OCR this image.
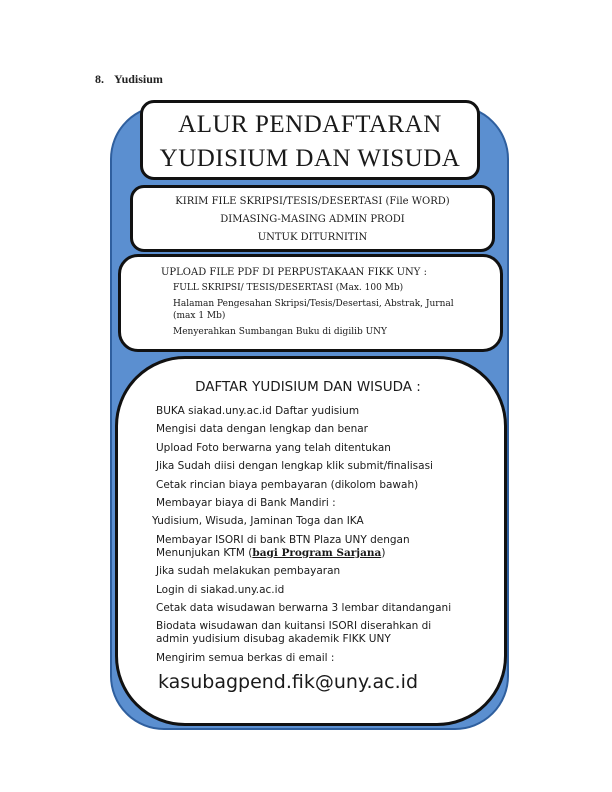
8. Yudisium
ALUR PENDAFTARAN
YUDISIUM DAN WISUDA
KIRIM FILE SKRIPSI/TESIS/DESERTASI (File WORD)
DIMASING-MASING ADMIN PRODI
UNTUK DITURNITIN
UPLOAD FILE PDF DI PERPUSTAKAAN FIKK UNY :
FULL SKRIPSI/ TESIS/DESERTASI (Max. 100 Mb)
Halaman Pengesahan Skripsi/Tesis/Desertasi, Abstrak, Jurnal (max 1 Mb)
Menyerahkan Sumbangan Buku di digilib UNY
DAFTAR YUDISIUM DAN WISUDA :
BUKA siakad.uny.ac.id Daftar yudisium
Mengisi data dengan lengkap dan benar
Upload Foto berwarna yang telah ditentukan
Jika Sudah diisi dengan lengkap klik submit/finalisasi
Cetak rincian biaya pembayaran (dikolom bawah)
Membayar biaya di Bank Mandiri :
Yudisium, Wisuda, Jaminan Toga dan IKA
Membayar ISORI di bank BTN Plaza UNY dengan Menunjukan KTM (bagi Program Sarjana)
Jika sudah melakukan pembayaran
Login di siakad.uny.ac.id
Cetak data wisudawan berwarna 3 lembar ditandangani
Biodata wisudawan dan kuitansi ISORI diserahkan di admin yudisium disubag akademik FIKK UNY
Mengirim semua berkas di email :
kasubagpend.fik@uny.ac.id
